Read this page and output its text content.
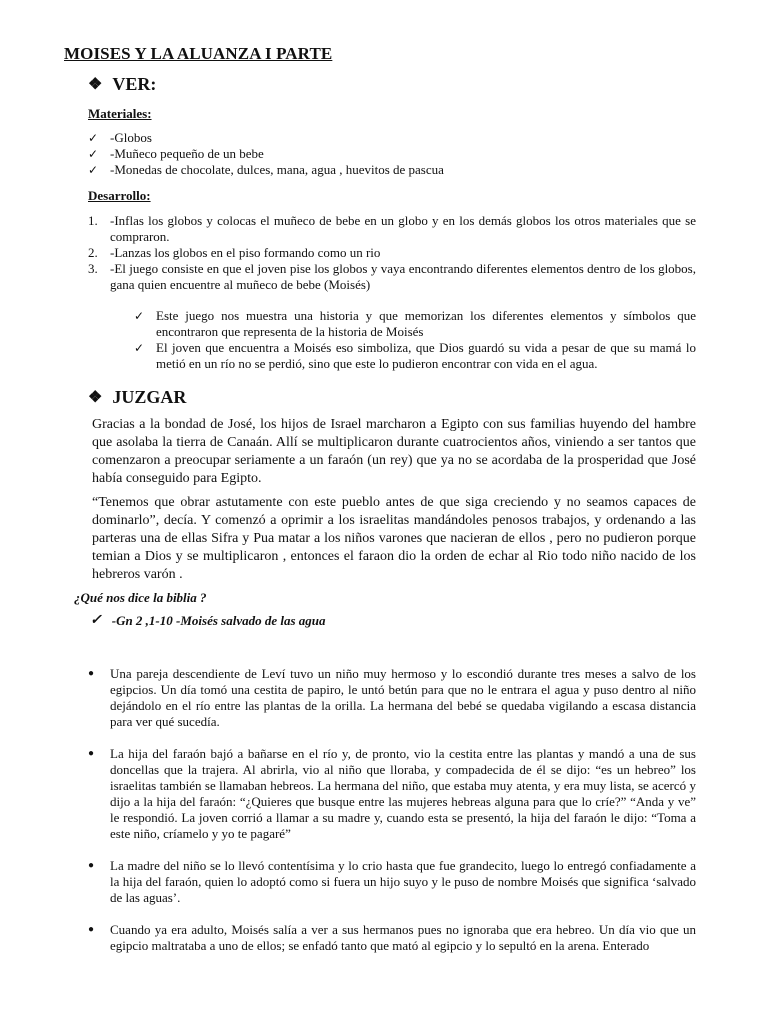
MOISES Y LA ALUANZA I PARTE
❖ VER:
Materiales:
✓ -Globos
✓ -Muñeco pequeño de un bebe
✓ -Monedas de chocolate, dulces, mana, agua , huevitos de pascua
Desarrollo:
1. -Inflas los globos y colocas el muñeco de bebe en un globo y en los demás globos los otros materiales que se compraron.
2. -Lanzas los globos en el piso formando como un rio
3. -El juego consiste en que el joven pise los globos y vaya encontrando diferentes elementos dentro de los globos, gana quien encuentre al muñeco de bebe (Moisés)
✓ Este juego nos muestra una historia y que memorizan los diferentes elementos y símbolos que encontraron que representa de la historia de Moisés
✓ El joven que encuentra a Moisés eso simboliza, que Dios guardó su vida a pesar de que su mamá lo metió en un río no se perdió, sino que este lo pudieron encontrar con vida en el agua.
❖ JUZGAR

Gracias a la bondad de José, los hijos de Israel marcharon a Egipto con sus familias huyendo del hambre que asolaba la tierra de Canaán. Allí se multiplicaron durante cuatrocientos años, viniendo a ser tantos que comenzaron a preocupar seriamente a un faraón (un rey) que ya no se acordaba de la prosperidad que José había conseguido para Egipto.

“Tenemos que obrar astutamente con este pueblo antes de que siga creciendo y no seamos capaces de dominarlo”, decía. Y comenzó a oprimir a los israelitas mandándoles penosos trabajos, y ordenando a las parteras una de ellas Sifra y Pua matar a los niños varones que nacieran de ellos , pero no pudieron porque temian a Dios y se multiplicaron , entonces el faraon dio la orden de echar al Rio todo niño nacido de los hebreros varón .

¿Qué nos dice la biblia ?
✓ -Gn 2 ,1-10 -Moisés salvado de las agua
● Una pareja descendiente de Leví tuvo un niño muy hermoso y lo escondió durante tres meses a salvo de los egipcios. Un día tomó una cestita de papiro, le untó betún para que no le entrara el agua y puso dentro al niño dejándolo en el río entre las plantas de la orilla. La hermana del bebé se quedaba vigilando a escasa distancia para ver qué sucedía.
● La hija del faraón bajó a bañarse en el río y, de pronto, vio la cestita entre las plantas y mandó a una de sus doncellas que la trajera. Al abrirla, vio al niño que lloraba, y compadecida de él se dijo: “es un hebreo” los israelitas también se llamaban hebreos. La hermana del niño, que estaba muy atenta, y era muy lista, se acercó y dijo a la hija del faraón: “¿Quieres que busque entre las mujeres hebreas alguna para que lo críe?” “Anda y ve” le respondió. La joven corrió a llamar a su madre y, cuando esta se presentó, la hija del faraón le dijo: “Toma a este niño, críamelo y yo te pagaré”
● La madre del niño se lo llevó contentísima y lo crio hasta que fue grandecito, luego lo entregó confiadamente a la hija del faraón, quien lo adoptó como si fuera un hijo suyo y le puso de nombre Moisés que significa ‘salvado de las aguas’.
● Cuando ya era adulto, Moisés salía a ver a sus hermanos pues no ignoraba que era hebreo. Un día vio que un egipcio maltrataba a uno de ellos; se enfadó tanto que mató al egipcio y lo sepultó en la arena. Enterado
